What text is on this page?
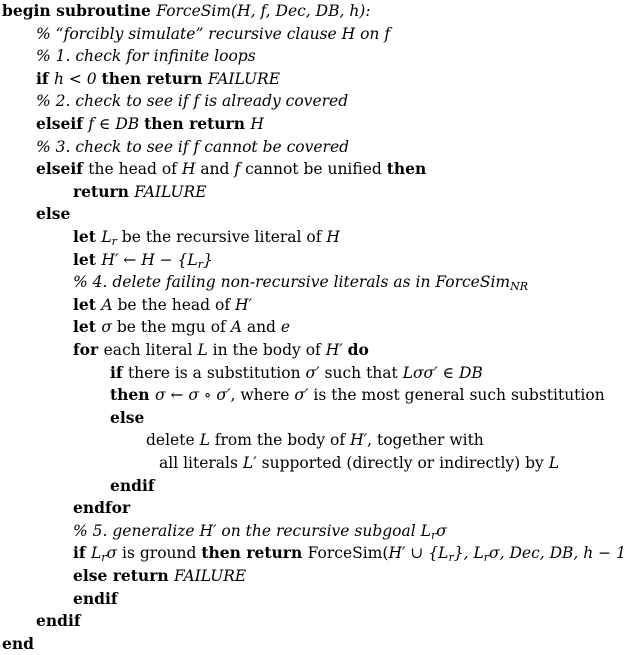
begin subroutine ForceSim(H, f, Dec, DB, h):
% “forcibly simulate” recursive clause H on f
% 1. check for infinite loops
if h < 0 then return FAILURE
% 2. check to see if f is already covered
elseif f ∈ DB then return H
% 3. check to see if f cannot be covered
elseif the head of H and f cannot be unified then
return FAILURE
else
let $L_r$ be the recursive literal of H
let H′ ← $H - \{L_r\}$
% 4. delete failing non-recursive literals as in ForceSim$_{NR}$
let A be the head of H′
let σ be the mgu of A and e
for each literal L in the body of H′ do
if there is a substitution σ′ such that Lσσ′ ∈ DB
then σ ← σ ∘ σ′, where σ′ is the most general such substitution
else
delete L from the body of H′, together with
all literals L′ supported (directly or indirectly) by L
endif
endfor
% 5. generalize H′ on the recursive subgoal $L_r\sigma$
if $L_r\sigma$ is ground then return ForceSim(H′ ∪ $\{L_r\}$, $L_r\sigma$, Dec, DB, h − 1
else return FAILURE
endif
endif
end
